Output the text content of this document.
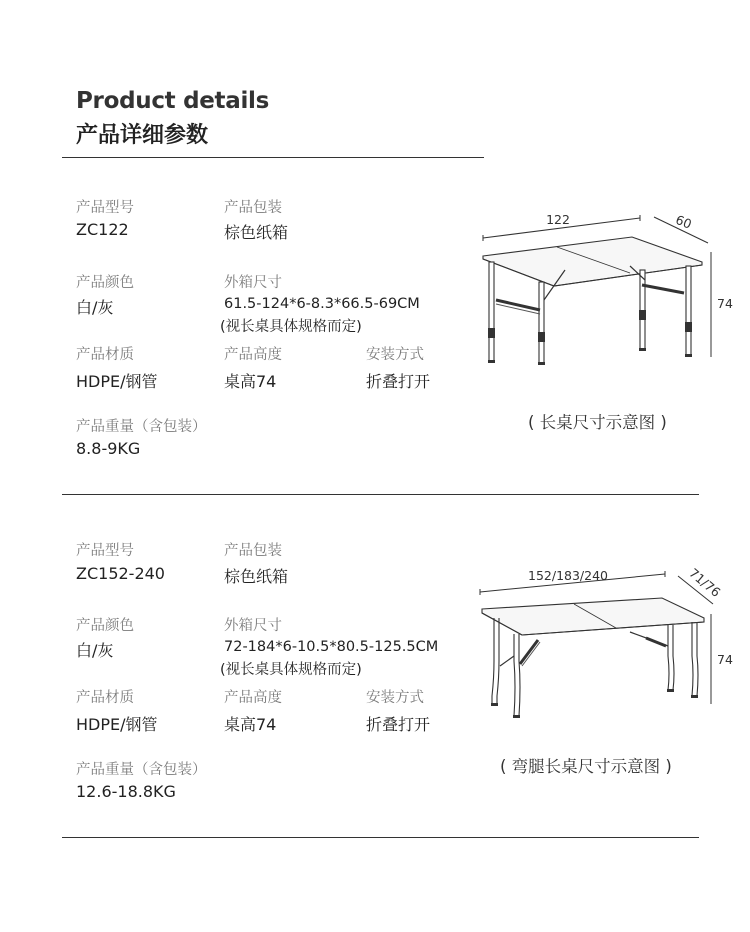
Product details
产品详细参数
产品型号
ZC122
产品包装
棕色纸箱
产品颜色
白/灰
外箱尺寸
61.5-124*6-8.3*66.5-69CM
(视长桌具体规格而定)
产品材质
HDPE/钢管
产品高度
桌高74
安装方式
折叠打开
产品重量（含包装）
8.8-9KG
122	60
74
( 长桌尺寸示意图 )
产品型号
ZC152-240
产品包装
棕色纸箱
产品颜色
白/灰
外箱尺寸
72-184*6-10.5*80.5-125.5CM
(视长桌具体规格而定)
产品材质
HDPE/钢管
产品高度
桌高74
安装方式
折叠打开
产品重量（含包装）
12.6-18.8KG
152/183/240	71/76
74
( 弯腿长桌尺寸示意图 )
